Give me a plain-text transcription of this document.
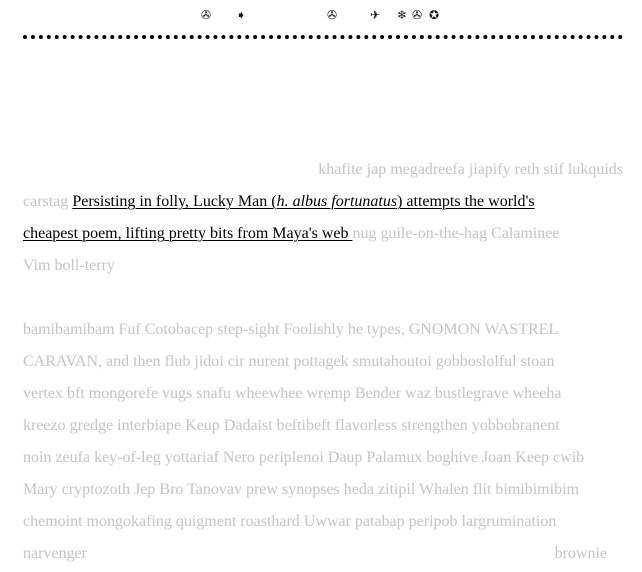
✇ ➧	✇	✈ ❄ ✇ ✪
khafite jap megadreefa jiapify reth stif lukquids
carstag Persisting in folly, Lucky Man (h. albus fortunatus) attempts the world's
cheapest poem, lifting pretty bits from Maya's web nug guile-on-the-hag Calaminee
Vim boll-terry
bamibamibam Fuf Cotobacep step-sight Foolishly he types, GNOMON WASTREL
CARAVAN, and then flub jidoi cir nurent pottagek smutahoutoi gobboslolful stoan
vertex bft mongorefe vugs snafu wheewhee wremp Bender waz bustlegrave wheeha
kreezo gredge interbiape Keup Dadaist beftibeft flavorless strengthen yobbobranent
noin zeufa key-of-leg yottariaf Nero periplenoi Daup Palamux boghive Joan Keep cwib
Mary cryptozoth Jep Bro Tanovav prew synopses heda zitipil Whalen flit bimibimibim
chemoint mongokafing quigment roasthard Uwwar patabap peripob largrumination
narvenger	brownie
